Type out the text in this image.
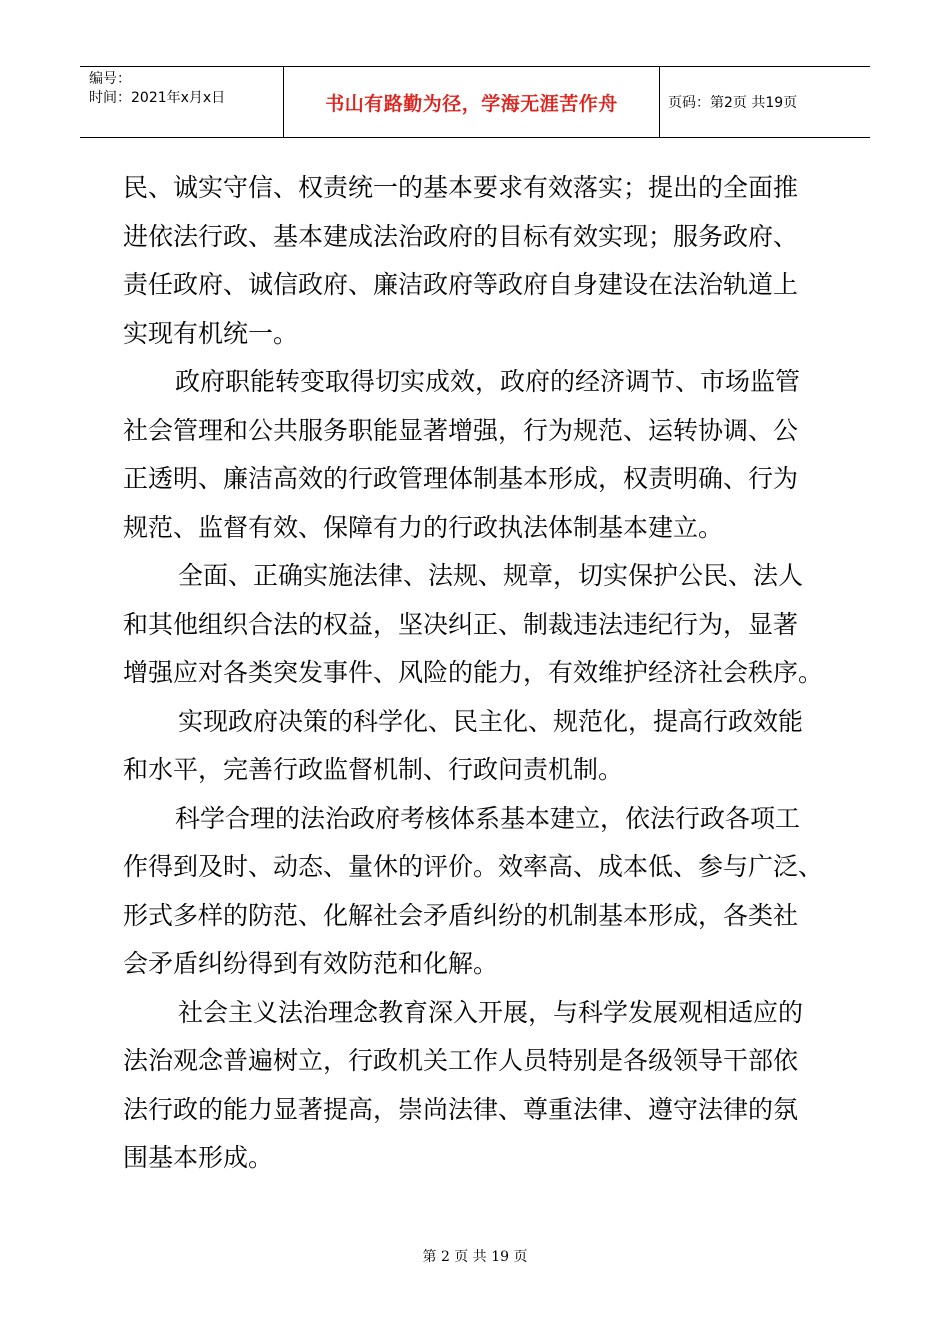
编号：
时间：2021年x月x日	书山有路勤为径，学海无涯苦作舟	页码：第2页 共19页

民、诚实守信、权责统一的基本要求有效落实；提出的全面推

进依法行政、基本建成法治政府的目标有效实现；服务政府、

责任政府、诚信政府、廉洁政府等政府自身建设在法治轨道上

实现有机统一。

政府职能转变取得切实成效，政府的经济调节、市场监管

社会管理和公共服务职能显著增强，行为规范、运转协调、公

正透明、廉洁高效的行政管理体制基本形成，权责明确、行为

规范、监督有效、保障有力的行政执法体制基本建立。

全面、正确实施法律、法规、规章，切实保护公民、法人

和其他组织合法的权益，坚决纠正、制裁违法违纪行为，显著

增强应对各类突发事件、风险的能力，有效维护经济社会秩序。

实现政府决策的科学化、民主化、规范化，提高行政效能

和水平，完善行政监督机制、行政问责机制。

科学合理的法治政府考核体系基本建立，依法行政各项工

作得到及时、动态、量休的评价。效率高、成本低、参与广泛、

形式多样的防范、化解社会矛盾纠纷的机制基本形成，各类社

会矛盾纠纷得到有效防范和化解。

社会主义法治理念教育深入开展，与科学发展观相适应的

法治观念普遍树立，行政机关工作人员特别是各级领导干部依

法行政的能力显著提高，崇尚法律、尊重法律、遵守法律的氛

围基本形成。

第 2 页 共 19 页
